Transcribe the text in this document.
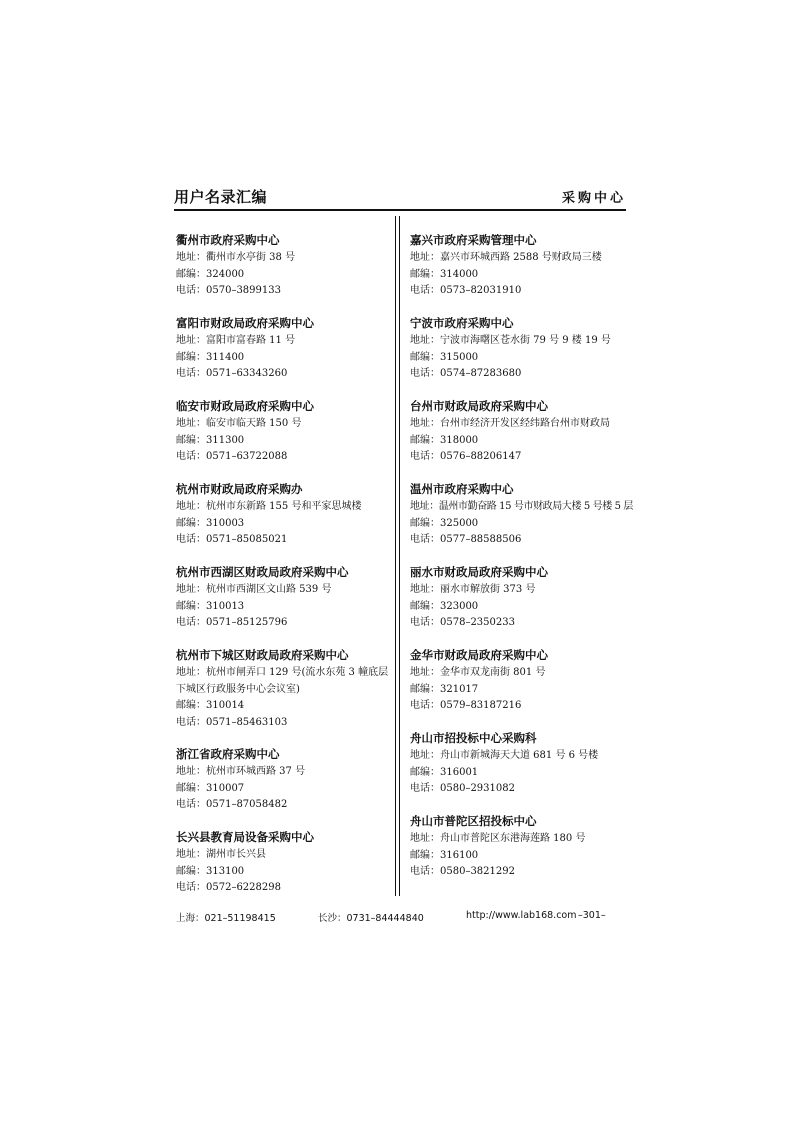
用户名录汇编	采购中心
衢州市政府采购中心
地址：衢州市水亭街 38 号
邮编：324000
电话：0570–3899133
富阳市财政局政府采购中心
地址：富阳市富春路 11 号
邮编：311400
电话：0571–63343260
临安市财政局政府采购中心
地址：临安市临天路 150 号
邮编：311300
电话：0571–63722088
杭州市财政局政府采购办
地址：杭州市东新路 155 号和平家思城楼
邮编：310003
电话：0571–85085021
杭州市西湖区财政局政府采购中心
地址：杭州市西湖区文山路 539 号
邮编：310013
电话：0571–85125796
杭州市下城区财政局政府采购中心
地址：杭州市闸弄口 129 号(流水东苑 3 幢底层下城区行政服务中心会议室)
邮编：310014
电话：0571–85463103
浙江省政府采购中心
地址：杭州市环城西路 37 号
邮编：310007
电话：0571–87058482
长兴县教育局设备采购中心
地址：湖州市长兴县
邮编：313100
电话：0572–6228298
嘉兴市政府采购管理中心
地址：嘉兴市环城西路 2588 号财政局三楼
邮编：314000
电话：0573–82031910
宁波市政府采购中心
地址：宁波市海曙区苍水街 79 号 9 楼 19 号
邮编：315000
电话：0574–87283680
台州市财政局政府采购中心
地址：台州市经济开发区经纬路台州市财政局
邮编：318000
电话：0576–88206147
温州市政府采购中心
地址：温州市勤奋路 15 号市财政局大楼 5 号楼 5 层
邮编：325000
电话：0577–88588506
丽水市财政局政府采购中心
地址：丽水市解放街 373 号
邮编：323000
电话：0578–2350233
金华市财政局政府采购中心
地址：金华市双龙南街 801 号
邮编：321017
电话：0579–83187216
舟山市招投标中心采购科
地址：舟山市新城海天大道 681 号 6 号楼
邮编：316001
电话：0580–2931082
舟山市普陀区招投标中心
地址：舟山市普陀区东港海莲路 180 号
邮编：316100
电话：0580–3821292
上海：021–51198415	长沙：0731–84444840	http://www.lab168.com –301–
